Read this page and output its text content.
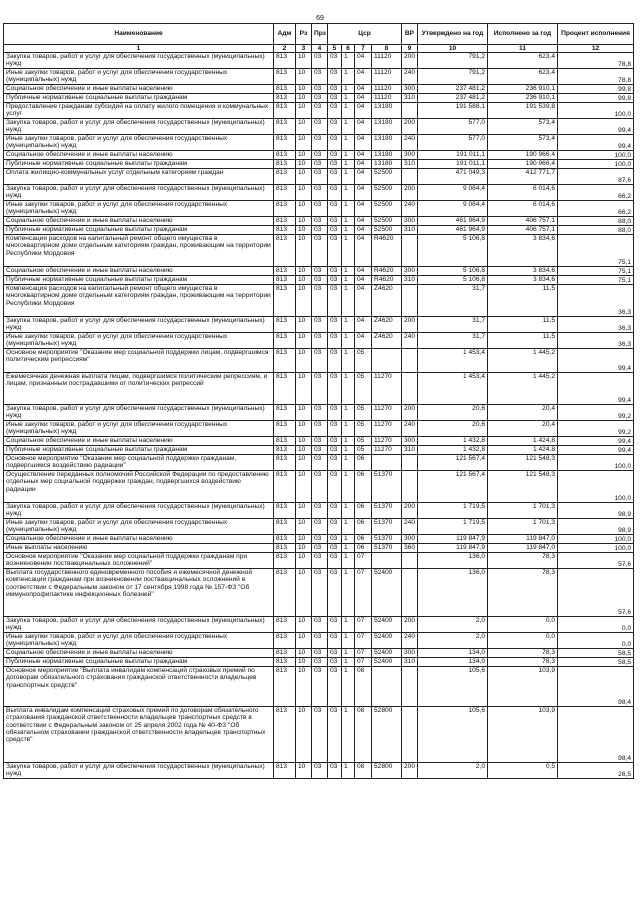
69
Наименование	Адм	Рз	Прз	Цср				ВР	Утверждено на год	Исполнено за год	Процент исполнения
1	2	3	4	5	6	7	8	9	10	11	12
Закупка товаров, работ и услуг для обеспечения государственных (муниципальных) нужд	813	10	03	03	1	04	11120	200	791,2	623,4	78,8
Иные закупки товаров, работ и услуг для обеспечения государственных (муниципальных) нужд	813	10	03	03	1	04	11120	240	791,2	623,4	78,8
Социальное обеспечение и иные выплаты населению	813	10	03	03	1	04	11120	300	237 481,2	236 910,1	99,8
Публичные нормативные социальные выплаты гражданам	813	10	03	03	1	04	11120	310	237 481,2	236 910,1	99,8
Предоставление гражданам субсидий на оплату жилого помещения и коммунальных услуг	813	10	03	03	1	04	13180		191 588,1	191 539,8	100,0
Закупка товаров, работ и услуг для обеспечения государственных (муниципальных) нужд	813	10	03	03	1	04	13180	200	577,0	573,4	99,4
Иные закупки товаров, работ и услуг для обеспечения государственных (муниципальных) нужд	813	10	03	03	1	04	13180	240	577,0	573,4	99,4
Социальное обеспечение и иные выплаты населению	813	10	03	03	1	04	13180	300	191 011,1	190 966,4	100,0
Публичные нормативные социальные выплаты гражданам	813	10	03	03	1	04	13180	310	191 011,1	190 966,4	100,0
Оплата жилищно-коммунальных услуг отдельным категориям граждан	813	10	03	03	1	04	52500		471 049,3	412 771,7	87,6
Закупка товаров, работ и услуг для обеспечения государственных (муниципальных) нужд	813	10	03	03	1	04	52500	200	9 084,4	6 014,6	66,2
Иные закупки товаров, работ и услуг для обеспечения государственных (муниципальных) нужд	813	10	03	03	1	04	52500	240	9 084,4	6 014,6	66,2
Социальное обеспечение и иные выплаты населению	813	10	03	03	1	04	52500	300	461 964,9	406 757,1	88,0
Публичные нормативные социальные выплаты гражданам	813	10	03	03	1	04	52500	310	461 964,9	406 757,1	88,0
Компенсация расходов на капитальный ремонт общего имущества в многоквартирном доме отдельным категориям граждан, проживающим на территории Республики Мордовия	813	10	03	03	1	04	R4620		5 106,8	3 834,6	75,1
Социальное обеспечение и иные выплаты населению	813	10	03	03	1	04	R4620	300	5 106,8	3 834,6	75,1
Публичные нормативные социальные выплаты гражданам	813	10	03	03	1	04	R4620	310	5 106,8	3 834,6	75,1
Компенсация расходов на капитальный ремонт общего имущества в многоквартирном доме отдельным категориям граждан, проживающим на территории Республики Мордовия	813	10	03	03	1	04	Z4620		31,7	11,5	36,3
Закупка товаров, работ и услуг для обеспечения государственных (муниципальных) нужд	813	10	03	03	1	04	Z4620	200	31,7	11,5	36,3
Иные закупки товаров, работ и услуг для обеспечения государственных (муниципальных) нужд	813	10	03	03	1	04	Z4620	240	31,7	11,5	36,3
Основное мероприятие "Оказание мер социальной поддержки лицам, подвергшимся политическим репрессиям"	813	10	03	03	1	05			1 453,4	1 445,2	99,4
Ежемесячная денежная выплата лицам, подвергшимся политическим репрессиям, и лицам, признанным пострадавшими от политических репрессий	813	10	03	03	1	05	11270		1 453,4	1 445,2	99,4
Закупка товаров, работ и услуг для обеспечения государственных (муниципальных) нужд	813	10	03	03	1	05	11270	200	20,6	20,4	99,2
Иные закупки товаров, работ и услуг для обеспечения государственных (муниципальных) нужд	813	10	03	03	1	05	11270	240	20,6	20,4	99,2
Социальное обеспечение и иные выплаты населению	813	10	03	03	1	05	11270	300	1 432,8	1 424,8	99,4
Публичные нормативные социальные выплаты гражданам	813	10	03	03	1	05	11270	310	1 432,8	1 424,8	99,4
Основное мероприятие "Оказание мер социальной поддержки гражданам, подвергшимся воздействию радиации"	813	10	03	03	1	06			121 567,4	121 548,3	100,0
Осуществление переданных полномочий Российской Федерации по предоставлению отдельных мер социальной поддержки граждан, подвергшихся воздействию радиации	813	10	03	03	1	06	51370		121 567,4	121 548,3	100,0
Закупка товаров, работ и услуг для обеспечения государственных (муниципальных) нужд	813	10	03	03	1	06	51370	200	1 719,5	1 701,3	98,9
Иные закупки товаров, работ и услуг для обеспечения государственных (муниципальных) нужд	813	10	03	03	1	06	51370	240	1 719,5	1 701,3	98,9
Социальное обеспечение и иные выплаты населению	813	10	03	03	1	06	51370	300	119 847,9	119 847,0	100,0
Иные выплаты населению	813	10	03	03	1	06	51370	360	119 847,9	119 847,0	100,0
Основное мероприятие "Оказание мер социальной поддержки гражданам при возникновении поствакцинальных осложнений"	813	10	03	03	1	07			136,0	78,3	57,6
Выплата государственного единовременного пособия и ежемесячной денежной компенсации гражданам при возникновении поствакцинальных осложнений в соответствии с Федеральным законом от 17 сентября 1998 года № 157-ФЗ "Об иммунопрофилактике инфекционных болезней"	813	10	03	03	1	07	52400		136,0	78,3	57,6
Закупка товаров, работ и услуг для обеспечения государственных (муниципальных) нужд	813	10	03	03	1	07	52400	200	2,0	0,0	0,0
Иные закупки товаров, работ и услуг для обеспечения государственных (муниципальных) нужд	813	10	03	03	1	07	52400	240	2,0	0,0	0,0
Социальное обеспечение и иные выплаты населению	813	10	03	03	1	07	52400	300	134,0	78,3	58,5
Публичные нормативные социальные выплаты гражданам	813	10	03	03	1	07	52400	310	134,0	78,3	58,5
Основное мероприятие "Выплата инвалидам компенсаций страховых премий по договорам обязательного страхования гражданской ответственности владельцев транспортных средств"	813	10	03	03	1	08			105,6	103,9	98,4
Выплата инвалидам компенсаций страховых премий по договорам обязательного страхования гражданской ответственности владельцев транспортных средств в соответствии с Федеральным законом от 25 апреля 2002 года № 40-ФЗ "Об обязательном страховании гражданской ответственности владельцев транспортных средств"	813	10	03	03	1	08	52800		105,6	103,9	98,4
Закупка товаров, работ и услуг для обеспечения государственных (муниципальных) нужд	813	10	03	03	1	08	52800	200	2,0	0,5	26,5
